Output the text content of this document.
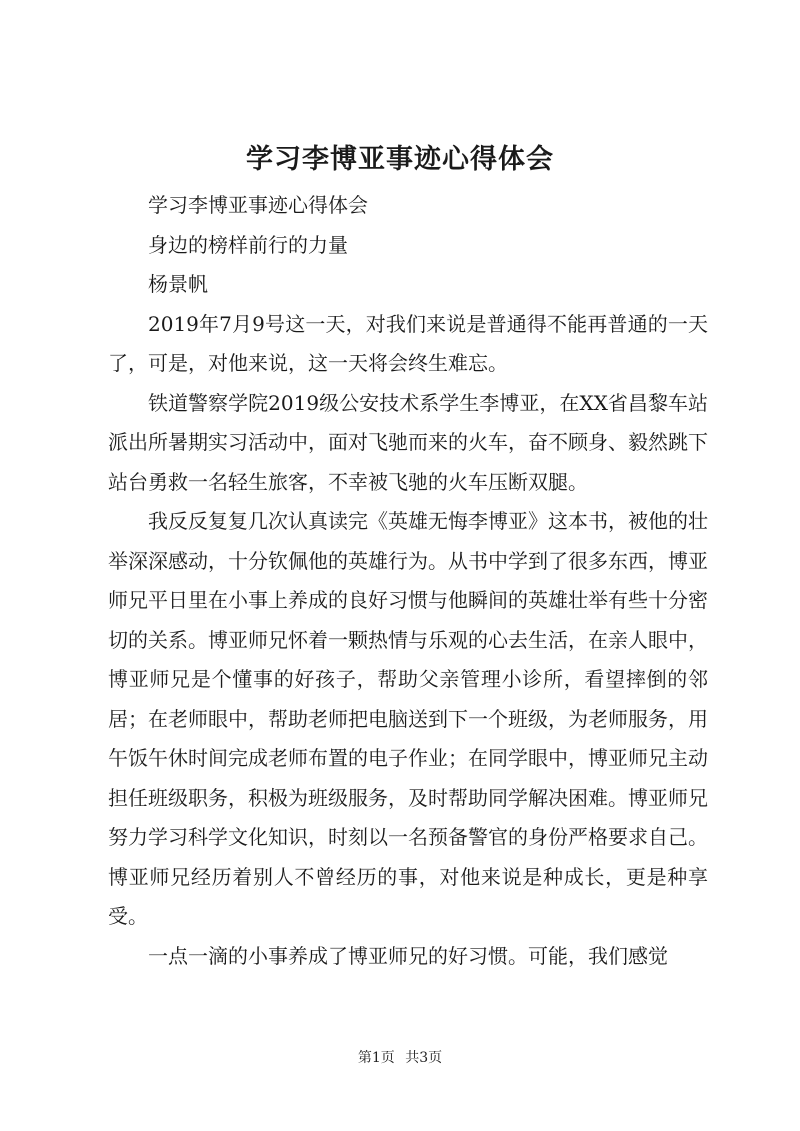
学习李博亚事迹心得体会

学习李博亚事迹心得体会

身边的榜样前行的力量

杨景帆

2019年7月9号这一天，对我们来说是普通得不能再普通的一天了，可是，对他来说，这一天将会终生难忘。

铁道警察学院2019级公安技术系学生李博亚，在XX省昌黎车站派出所暑期实习活动中，面对飞驰而来的火车，奋不顾身、毅然跳下站台勇救一名轻生旅客，不幸被飞驰的火车压断双腿。

我反反复复几次认真读完《英雄无悔李博亚》这本书，被他的壮举深深感动，十分钦佩他的英雄行为。从书中学到了很多东西，博亚师兄平日里在小事上养成的良好习惯与他瞬间的英雄壮举有些十分密切的关系。博亚师兄怀着一颗热情与乐观的心去生活，在亲人眼中，博亚师兄是个懂事的好孩子，帮助父亲管理小诊所，看望摔倒的邻居；在老师眼中，帮助老师把电脑送到下一个班级，为老师服务，用午饭午休时间完成老师布置的电子作业；在同学眼中，博亚师兄主动担任班级职务，积极为班级服务，及时帮助同学解决困难。博亚师兄努力学习科学文化知识，时刻以一名预备警官的身份严格要求自己。博亚师兄经历着别人不曾经历的事，对他来说是种成长，更是种享受。

一点一滴的小事养成了博亚师兄的好习惯。可能，我们感觉

第1页 共3页
